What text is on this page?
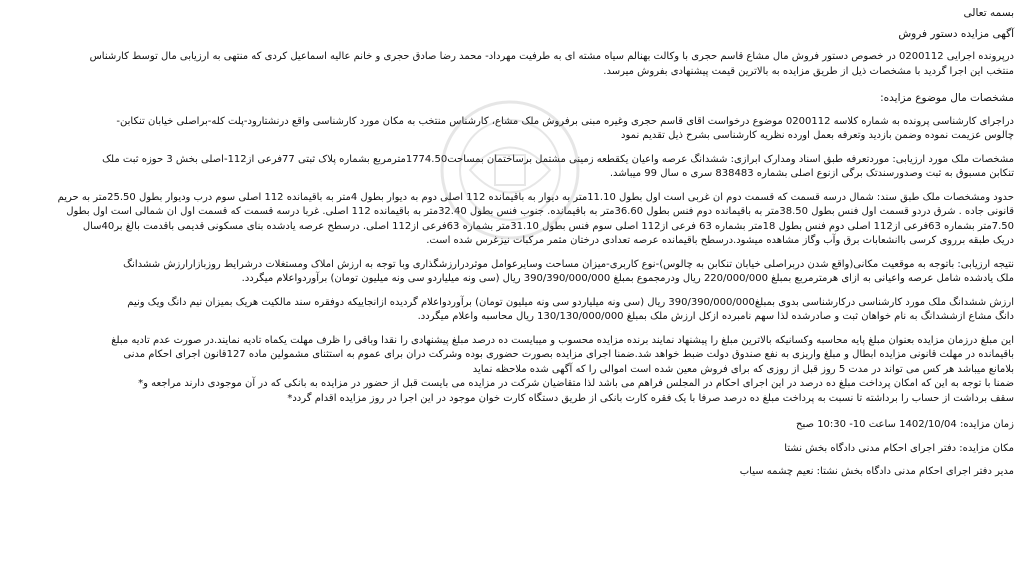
بسمه تعالی
آگهی مزایده دستور فروش
درپرونده اجرایی 0200112 در خصوص دستور فروش مال مشاع قاسم حجری با وکالت بهنالم سیاه مشته ای به طرفیت مهرداد- محمد رضا صادق حجری و خانم عالیه اسماعیل کردی که منتهی به ارزیابی مال توسط کارشناس
منتخب این اجرا گردید با مشخصات ذیل از طریق مزایده به بالاترین قیمت پیشنهادی بفروش میرسد.
مشخصات مال موضوع مزایده:
دراجرای کارشناسی پرونده به شماره کلاسه 0200112 موضوع درخواست اقای قاسم حجری وغیره مبنی برفروش ملک مشاع، کارشناس منتخب به مکان مورد کارشناسی واقع درنشتارود-پلت کله-براصلی خیابان تنکابن-
چالوس عزیمت نموده وضمن بازدید وتعرفه بعمل اورده نظریه کارشناسی بشرح ذیل تقدیم نمود
مشخصات ملک مورد ارزیابی: موردتعرفه طبق اسناد ومدارک ابرازی: ششدانگ عرصه واعیان یکقطعه زمینی مشتمل برساختمان بمساحت1774.50مترمربع بشماره پلاک ثبتی 77فرعی از112-اصلی بخش 3 حوزه ثبت ملک
تنکابن مسبوق به ثبت وصدورسندتک برگی ازنوع اصلی بشماره 838483 سری ه سال 99 میباشد.
حدود ومشخصات ملک طبق سند: شمال درسه قسمت که قسمت دوم ان غربی است اول بطول 11.10متر به دیوار به باقیمانده 112 اصلی دوم به دیوار بطول 4متر به باقیمانده 112 اصلی سوم درب ودیوار بطول 25.50متر به حریم
قانونی جاده . شرق دردو قسمت اول فنس بطول 38.50متر به باقیمانده دوم فنس بطول 36.60متر به باقیمانده. جنوب فنس بطول 32.40متر به باقیمانده 112 اصلی. غربا درسه قسمت که قسمت اول ان شمالی است اول بطول
7.50متر بشماره 63فرعی از112 اصلی دوم فنس بطول 18متر بشماره 63 فرعی از112 اصلی سوم فنس بطول 31.10متر بشماره 63فرعی از112 اصلی. درسطح عرصه یادشده بنای مسکونی قدیمی باقدمت بالغ بر40سال
دریک طبقه برروی کرسی باانشعابات برق وآب وگاز مشاهده میشود.درسطح باقیمانده عرصه تعدادی درختان مثمر مرکبات نیزغرس شده است.
نتیجه ارزیابی: باتوجه به موقعیت مکانی(واقع شدن دربراصلی خیابان تنکابن به چالوس)-نوع کاربری-میزان مساحت وسایرعوامل موثردرارزشگذاری وبا توجه به ارزش املاک ومستغلات درشرایط روزبازارارزش ششدانگ
ملک یادشده شامل عرصه واعیانی به ازای هرمترمربع بمبلغ 220/000/000 ریال ودرمجموع بمبلغ 390/390/000/000 ریال (سی ونه میلیاردو سی ونه میلیون تومان) برآوردواعلام میگردد.
ارزش ششدانگ ملک مورد کارشناسی درکارشناسی بدوی بمبلغ390/390/000/000 ریال (سی ونه میلیاردو سی ونه میلیون تومان) برآوردواعلام گردیده ازانجاییکه دوفقره سند مالکیت هریک بمیزان نیم دانگ ویک ونیم
دانگ مشاع ازششدانگ به نام خواهان ثبت و صادرشده لذا سهم نامبرده ازکل ارزش ملک بمبلغ 130/130/000/000 ریال محاسبه واعلام میگردد.
این مبلغ درزمان مزایده بعنوان مبلغ پایه محاسبه وکسانیکه بالاترین مبلغ را پیشنهاد نمایند برنده مزایده محسوب و میبایست ده درصد مبلغ پیشنهادی را نقدا وباقی را ظرف مهلت یکماه تادیه نمایند.در صورت عدم تادیه مبلغ
باقیمانده در مهلت قانونی مزایده ابطال و مبلغ واریزی به نفع صندوق دولت ضبط خواهد شد.ضمنا اجرای مزایده بصورت حضوری بوده وشرکت دران برای عموم به استثنای مشمولین ماده 127قانون اجرای احکام مدنی
بلامانع میباشد هر کس می تواند در مدت 5 روز قبل از روزی که برای فروش معین شده است اموالی را که آگهی شده ملاحظه نماید
ضمنا با توجه به این که امکان پرداخت مبلغ ده درصد در این اجرای احکام در المجلس فراهم می باشد لذا متقاضیان شرکت در مزایده می بایست قبل از حضور در مزایده به بانکی که در آن موجودی دارند مراجعه و*
سقف برداشت از حساب را برداشته تا نسبت به پرداخت مبلغ ده درصد صرفا با یک فقره کارت بانکی از طریق دستگاه کارت خوان موجود در این اجرا در روز مزایده اقدام گردد*
زمان مزایده: 1402/10/04 ساعت 10- 10:30 صبح
مکان مزایده: دفتر اجرای احکام مدنی دادگاه بخش نشتا
مدیر دفتر اجرای احکام مدنی دادگاه بخش نشتا: نعیم چشمه سیاب
